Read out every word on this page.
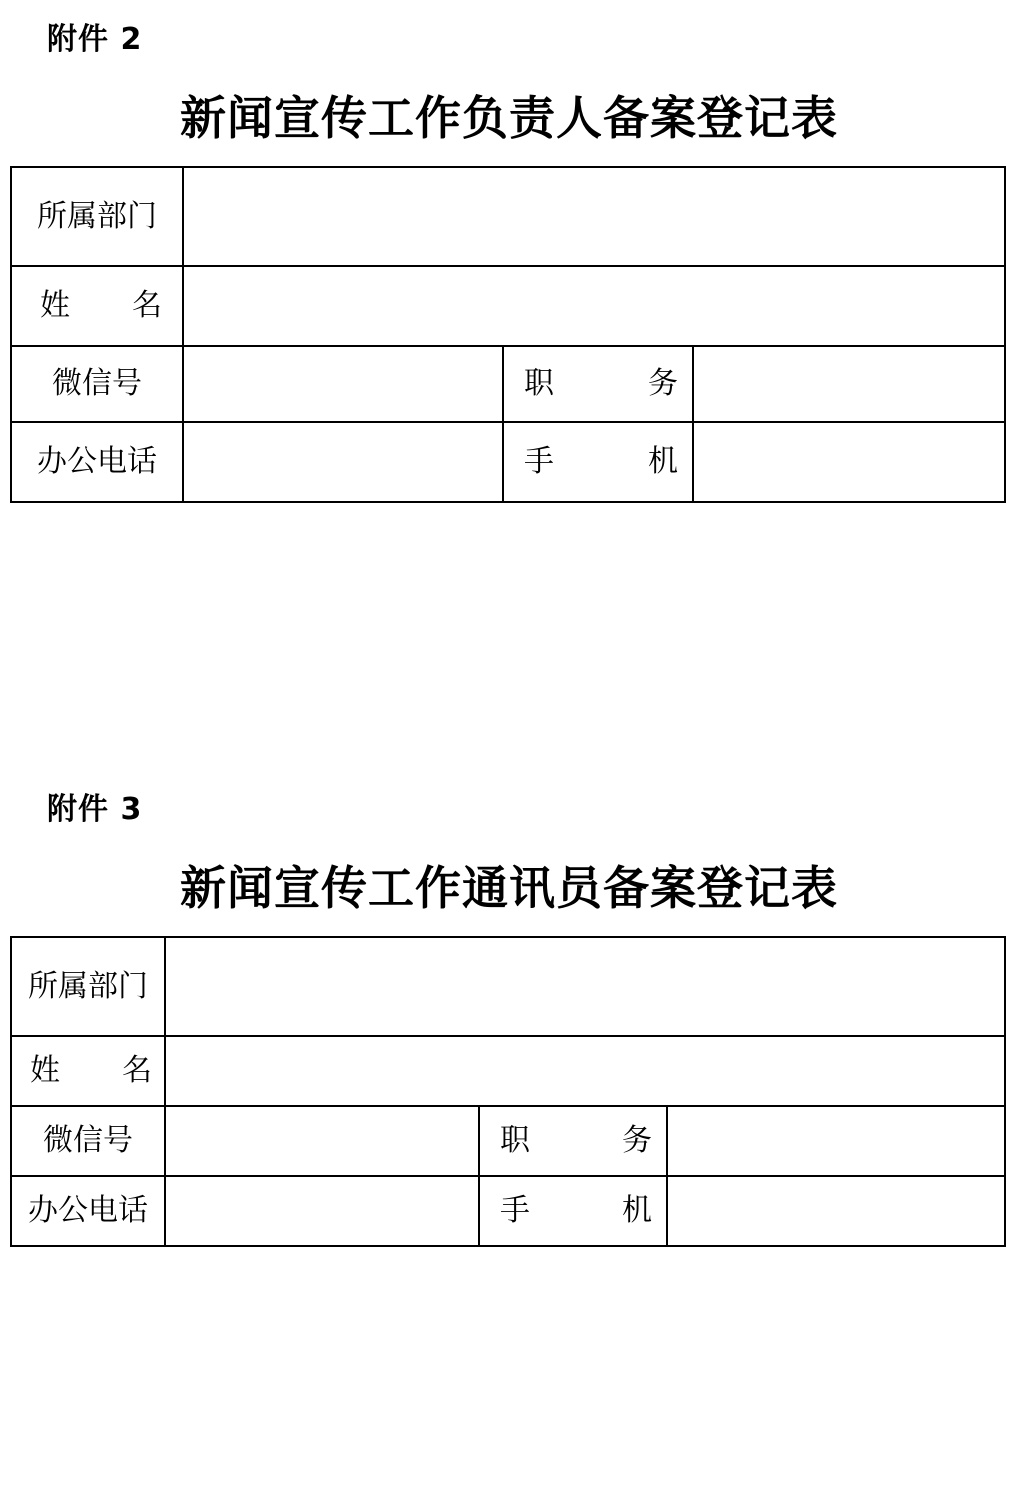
附件 2
新闻宣传工作负责人备案登记表
所属部门			

姓 名			

微信号		职 务	

办公电话		手 机	

附件 3
新闻宣传工作通讯员备案登记表
所属部门			

姓 名			

微信号		职 务	

办公电话		手 机	
